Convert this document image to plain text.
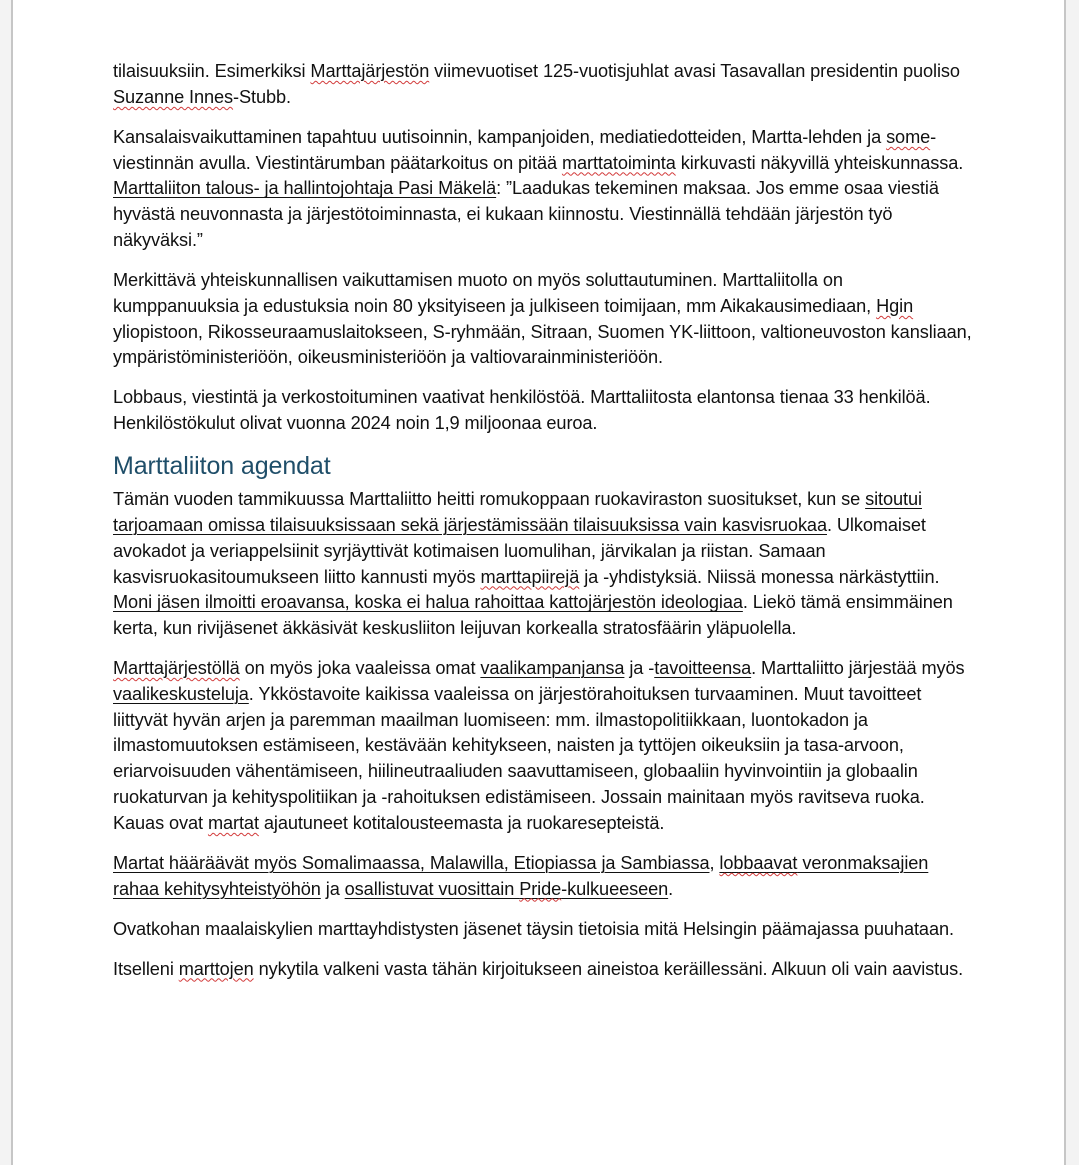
tilaisuuksiin. Esimerkiksi Marttajärjestön viimevuotiset 125-vuotisjuhlat avasi Tasavallan presidentin puoliso Suzanne Innes-Stubb.

Kansalaisvaikuttaminen tapahtuu uutisoinnin, kampanjoiden, mediatiedotteiden, Martta-lehden ja some-viestinnän avulla. Viestintärumban päätarkoitus on pitää marttatoiminta kirkuvasti näkyvillä yhteiskunnassa. Marttaliiton talous- ja hallintojohtaja Pasi Mäkelä: ”Laadukas tekeminen maksaa. Jos emme osaa viestiä hyvästä neuvonnasta ja järjestötoiminnasta, ei kukaan kiinnostu. Viestinnällä tehdään järjestön työ näkyväksi.”

Merkittävä yhteiskunnallisen vaikuttamisen muoto on myös soluttautuminen. Marttaliitolla on kumppanuuksia ja edustuksia noin 80 yksityiseen ja julkiseen toimijaan, mm Aikakausimediaan, Hgin yliopistoon, Rikosseuraamuslaitokseen, S-ryhmään, Sitraan, Suomen YK-liittoon, valtioneuvoston kansliaan, ympäristöministeriöön, oikeusministeriöön ja valtiovarainministeriöön.

Lobbaus, viestintä ja verkostoituminen vaativat henkilöstöä. Marttaliitosta elantonsa tienaa 33 henkilöä. Henkilöstökulut olivat vuonna 2024 noin 1,9 miljoonaa euroa.

Marttaliiton agendat

Tämän vuoden tammikuussa Marttaliitto heitti romukoppaan ruokaviraston suositukset, kun se sitoutui tarjoamaan omissa tilaisuuksissaan sekä järjestämissään tilaisuuksissa vain kasvisruokaa. Ulkomaiset avokadot ja veriappelsiinit syrjäyttivät kotimaisen luomulihan, järvikalan ja riistan. Samaan kasvisruokasitoumukseen liitto kannusti myös marttapiirejä ja -yhdistyksiä. Niissä monessa närkästyttiin. Moni jäsen ilmoitti eroavansa, koska ei halua rahoittaa kattojärjestön ideologiaa. Liekö tämä ensimmäinen kerta, kun rivijäsenet äkkäsivät keskusliiton leijuvan korkealla stratosfäärin yläpuolella.

Marttajärjestöllä on myös joka vaaleissa omat vaalikampanjansa ja -tavoitteensa. Marttaliitto järjestää myös vaalikeskusteluja. Ykköstavoite kaikissa vaaleissa on järjestörahoituksen turvaaminen. Muut tavoitteet liittyvät hyvän arjen ja paremman maailman luomiseen: mm. ilmastopolitiikkaan, luontokadon ja ilmastomuutoksen estämiseen, kestävään kehitykseen, naisten ja tyttöjen oikeuksiin ja tasa-arvoon, eriarvoisuuden vähentämiseen, hiilineutraaliuden saavuttamiseen, globaaliin hyvinvointiin ja globaalin ruokaturvan ja kehityspolitiikan ja -rahoituksen edistämiseen. Jossain mainitaan myös ravitseva ruoka. Kauas ovat martat ajautuneet kotitalousteemasta ja ruokaresepteistä.

Martat hääräävät myös Somalimaassa, Malawilla, Etiopiassa ja Sambiassa, lobbaavat veronmaksajien rahaa kehitysyhteistyöhön ja osallistuvat vuosittain Pride-kulkueeseen.

Ovatkohan maalaiskylien marttayhdistysten jäsenet täysin tietoisia mitä Helsingin päämajassa puuhataan.

Itselleni marttojen nykytila valkeni vasta tähän kirjoitukseen aineistoa keräillessäni. Alkuun oli vain aavistus.
